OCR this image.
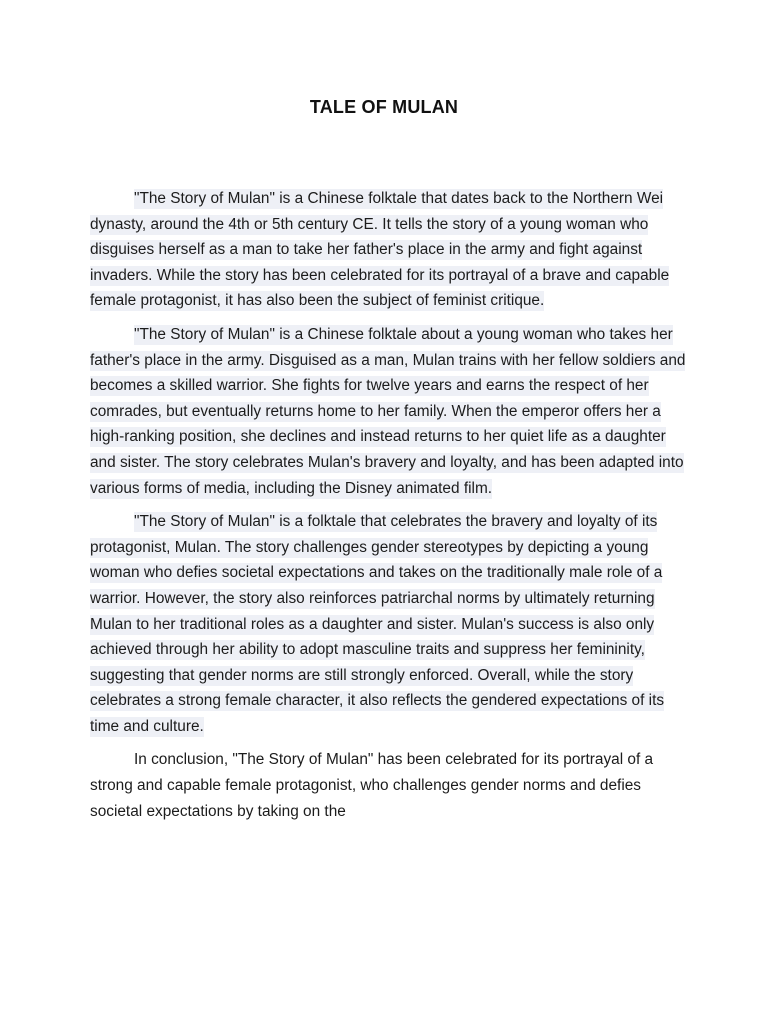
TALE OF MULAN

"The Story of Mulan" is a Chinese folktale that dates back to the Northern Wei dynasty, around the 4th or 5th century CE. It tells the story of a young woman who disguises herself as a man to take her father's place in the army and fight against invaders. While the story has been celebrated for its portrayal of a brave and capable female protagonist, it has also been the subject of feminist critique.

"The Story of Mulan" is a Chinese folktale about a young woman who takes her father's place in the army. Disguised as a man, Mulan trains with her fellow soldiers and becomes a skilled warrior. She fights for twelve years and earns the respect of her comrades, but eventually returns home to her family. When the emperor offers her a high-ranking position, she declines and instead returns to her quiet life as a daughter and sister. The story celebrates Mulan's bravery and loyalty, and has been adapted into various forms of media, including the Disney animated film.

"The Story of Mulan" is a folktale that celebrates the bravery and loyalty of its protagonist, Mulan. The story challenges gender stereotypes by depicting a young woman who defies societal expectations and takes on the traditionally male role of a warrior. However, the story also reinforces patriarchal norms by ultimately returning Mulan to her traditional roles as a daughter and sister. Mulan's success is also only achieved through her ability to adopt masculine traits and suppress her femininity, suggesting that gender norms are still strongly enforced. Overall, while the story celebrates a strong female character, it also reflects the gendered expectations of its time and culture.

In conclusion, "The Story of Mulan" has been celebrated for its portrayal of a strong and capable female protagonist, who challenges gender norms and defies societal expectations by taking on the
